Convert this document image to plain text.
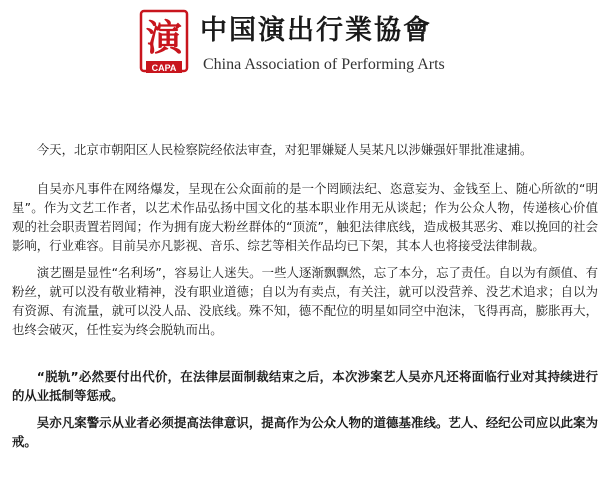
演
CAPA
中国演出行業協會
China Association of Performing Arts

今天，北京市朝阳区人民检察院经依法审查，对犯罪嫌疑人吴某凡以涉嫌强奸罪批准逮捕。

自吴亦凡事件在网络爆发，呈现在公众面前的是一个罔顾法纪、恣意妄为、金钱至上、随心所欲的“明星”。作为文艺工作者，以艺术作品弘扬中国文化的基本职业作用无从谈起；作为公众人物，传递核心价值观的社会职责置若罔闻；作为拥有庞大粉丝群体的“顶流”，触犯法律底线，造成极其恶劣、难以挽回的社会影响，行业难容。目前吴亦凡影视、音乐、综艺等相关作品均已下架，其本人也将接受法律制裁。

演艺圈是显性“名利场”，容易让人迷失。一些人逐渐飘飘然，忘了本分，忘了责任。自以为有颜值、有粉丝，就可以没有敬业精神，没有职业道德；自以为有卖点，有关注，就可以没营养、没艺术追求；自以为有资源、有流量，就可以没人品、没底线。殊不知，德不配位的明星如同空中泡沫，飞得再高，膨胀再大，也终会破灭，任性妄为终会脱轨而出。

“脱轨”必然要付出代价，在法律层面制裁结束之后，本次涉案艺人吴亦凡还将面临行业对其持续进行的从业抵制等惩戒。

吴亦凡案警示从业者必须提高法律意识，提高作为公众人物的道德基准线。艺人、经纪公司应以此案为戒。
